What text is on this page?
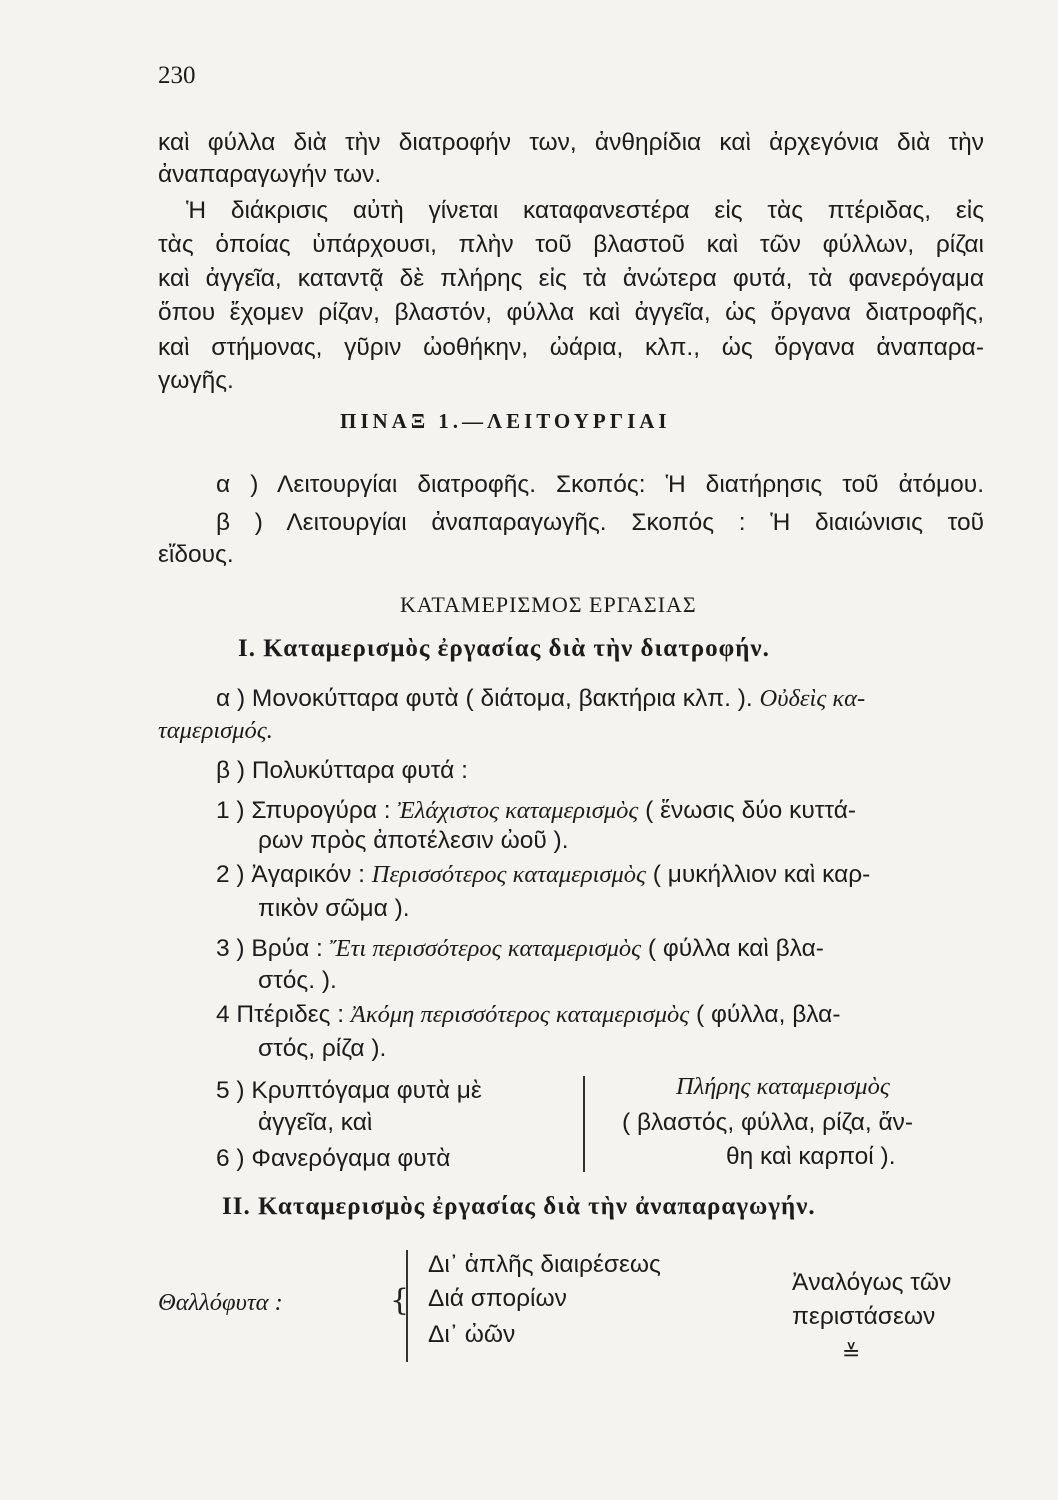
230
καὶ φύλλα διὰ τὴν διατροφήν των, ἀνθηρίδια καὶ ἀρχεγόνια διὰ τὴν
ἀναπαραγωγήν των.
Ἡ διάκρισις αὐτὴ γίνεται καταφανεστέρα εἰς τὰς πτέριδας, εἰς
τὰς ὁποίας ὑπάρχουσι, πλὴν τοῦ βλαστοῦ καὶ τῶν φύλλων, ρίζαι
καὶ ἀγγεῖα, καταντᾷ δὲ πλήρης εἰς τὰ ἀνώτερα φυτά, τὰ φανερόγαμα
ὅπου ἔχομεν ρίζαν, βλαστόν, φύλλα καὶ ἀγγεῖα, ὡς ὄργανα διατροφῆς,
καὶ στήμονας, γῦριν ὠοθήκην, ὠάρια, κλπ., ὡς ὄργανα ἀναπαρα-
γωγῆς.
ΠΙΝΑΞ 1.—ΛΕΙΤΟΥΡΓΙΑΙ
α ) Λειτουργίαι διατροφῆς. Σκοπός: Ἡ διατήρησις τοῦ ἀτόμου.
β ) Λειτουργίαι ἀναπαραγωγῆς. Σκοπός : Ἡ διαιώνισις τοῦ
εἴδους.
ΚΑΤΑΜΕΡΙΣΜΟΣ ΕΡΓΑΣΙΑΣ
I. Καταμερισμὸς ἐργασίας διὰ τὴν διατροφήν.
α ) Μονοκύτταρα φυτὰ ( διάτομα, βακτήρια κλπ. ). Οὐδεὶς κα-
ταμερισμός.
β ) Πολυκύτταρα φυτά :
1 ) Σπυρογύρα : Ἐλάχιστος καταμερισμὸς ( ἕνωσις δύο κυττά-
ρων πρὸς ἀποτέλεσιν ὠοῦ ).
2 ) Ἀγαρικόν : Περισσότερος καταμερισμὸς ( μυκήλλιον καὶ καρ-
πικὸν σῶμα ).
3 ) Βρύα : Ἔτι περισσότερος καταμερισμὸς ( φύλλα καὶ βλα-
στός. ).
4 Πτέριδες : Ἀκόμη περισσότερος καταμερισμὸς ( φύλλα, βλα-
στός, ρίζα ).
5 ) Κρυπτόγαμα φυτὰ μὲ
ἀγγεῖα, καὶ
6 ) Φανερόγαμα φυτὰ
Πλήρης καταμερισμὸς
( βλαστός, φύλλα, ρίζα, ἄν-
θη καὶ καρποί ).
II. Καταμερισμὸς ἐργασίας διὰ τὴν ἀναπαραγωγήν.
Θαλλόφυτα :	{
Δι᾿ ἁπλῆς διαιρέσεως
Διά σπορίων
Δι᾿ ὠῶν
Ἀναλόγως τῶν
περιστάσεων
≚
